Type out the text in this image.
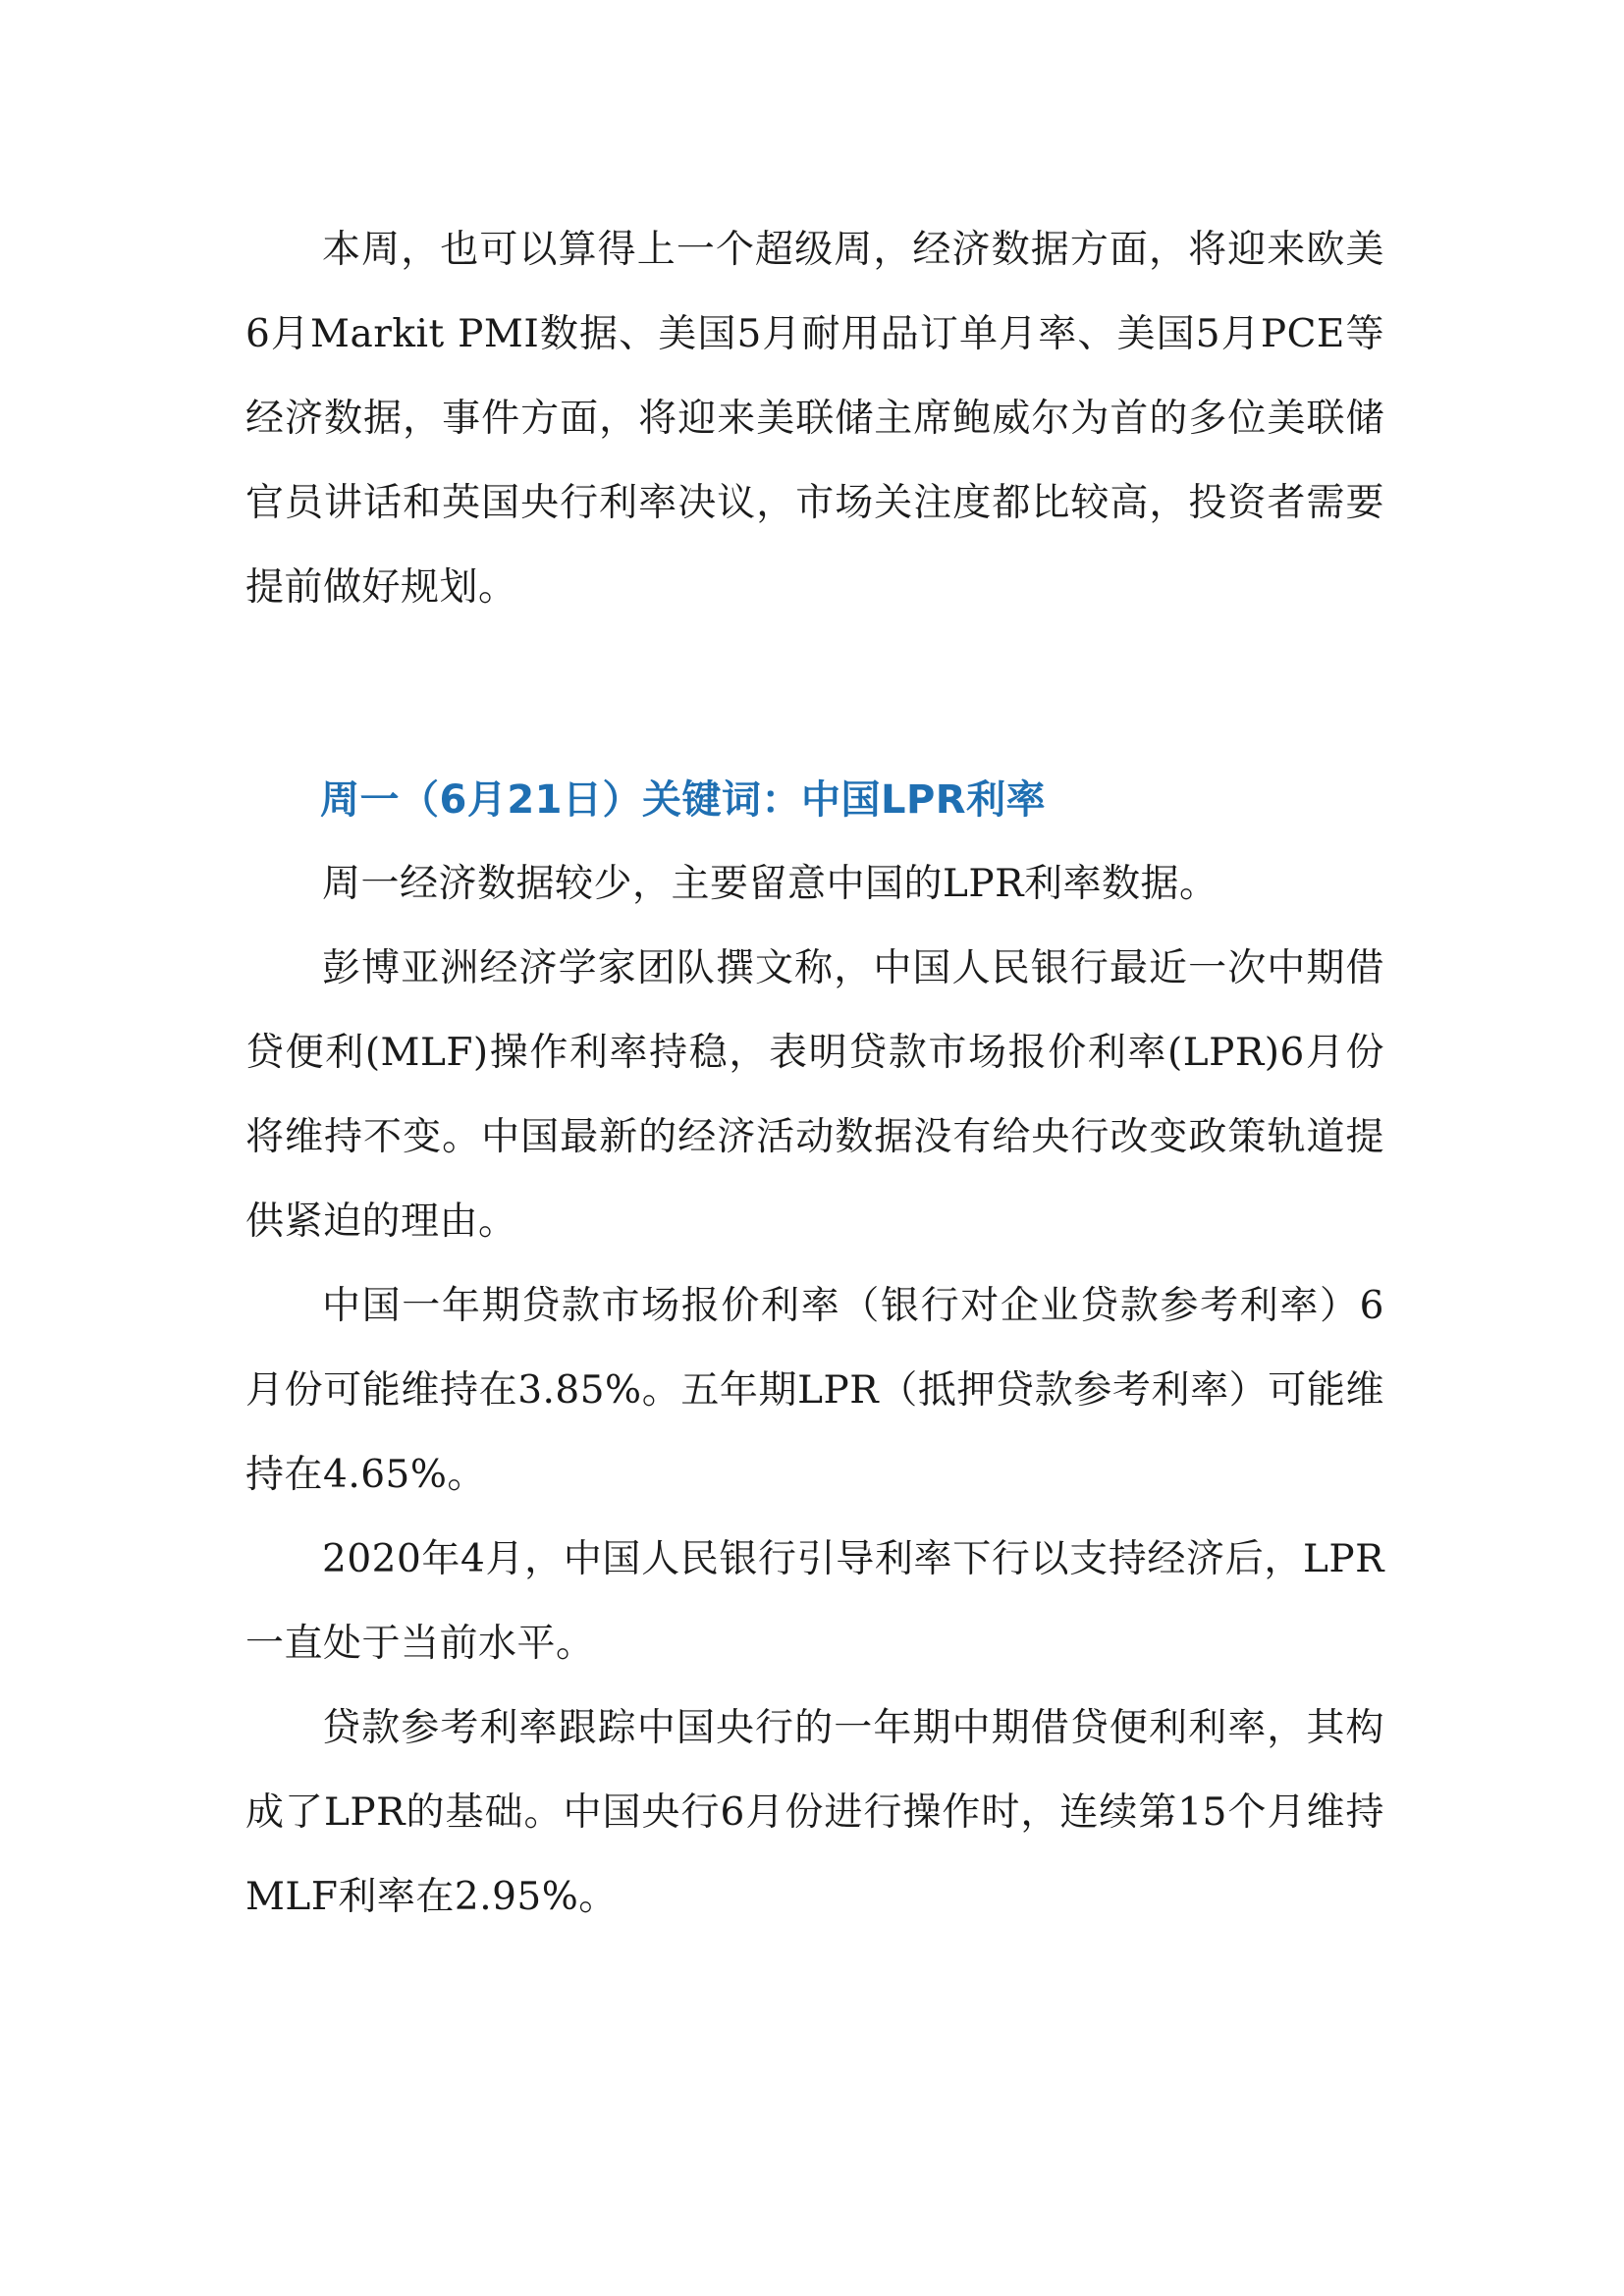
本周，也可以算得上一个超级周，经济数据方面，将迎来欧美6月Markit PMI数据、美国5月耐用品订单月率、美国5月PCE等经济数据，事件方面，将迎来美联储主席鲍威尔为首的多位美联储官员讲话和英国央行利率决议，市场关注度都比较高，投资者需要提前做好规划。

周一（6月21日）关键词：中国LPR利率

周一经济数据较少，主要留意中国的LPR利率数据。

彭博亚洲经济学家团队撰文称，中国人民银行最近一次中期借贷便利(MLF)操作利率持稳，表明贷款市场报价利率(LPR)6月份将维持不变。中国最新的经济活动数据没有给央行改变政策轨道提供紧迫的理由。

中国一年期贷款市场报价利率（银行对企业贷款参考利率）6月份可能维持在3.85%。五年期LPR（抵押贷款参考利率）可能维持在4.65%。

2020年4月，中国人民银行引导利率下行以支持经济后，LPR一直处于当前水平。

贷款参考利率跟踪中国央行的一年期中期借贷便利利率，其构成了LPR的基础。中国央行6月份进行操作时，连续第15个月维持MLF利率在2.95%。
